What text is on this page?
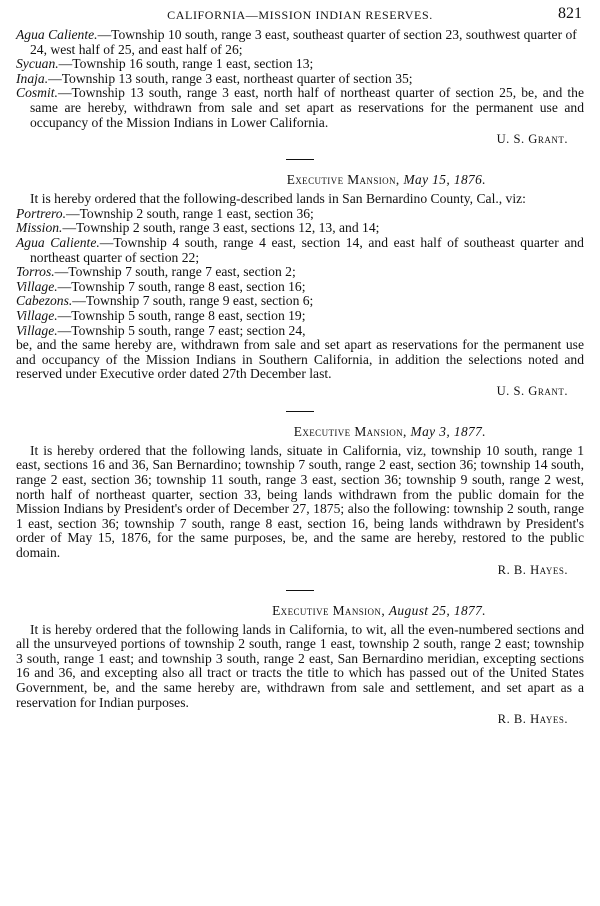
CALIFORNIA—MISSION INDIAN RESERVES.	821

Agua Caliente.—Township 10 south, range 3 east, southeast quarter of section 23, southwest quarter of 24, west half of 25, and east half of 26;

Sycuan.—Township 16 south, range 1 east, section 13;

Inaja.—Township 13 south, range 3 east, northeast quarter of section 35;

Cosmit.—Township 13 south, range 3 east, north half of northeast quarter of section 25, be, and the same are hereby, withdrawn from sale and set apart as reservations for the permanent use and occupancy of the Mission Indians in Lower California.

U. S. Grant.

Executive Mansion, May 15, 1876.

It is hereby ordered that the following-described lands in San Bernardino County, Cal., viz:

Portrero.—Township 2 south, range 1 east, section 36;

Mission.—Township 2 south, range 3 east, sections 12, 13, and 14;

Agua Caliente.—Township 4 south, range 4 east, section 14, and east half of southeast quarter and northeast quarter of section 22;

Torros.—Township 7 south, range 7 east, section 2;

Village.—Township 7 south, range 8 east, section 16;

Cabezons.—Township 7 south, range 9 east, section 6;

Village.—Township 5 south, range 8 east, section 19;

Village.—Township 5 south, range 7 east; section 24,

be, and the same hereby are, withdrawn from sale and set apart as reservations for the permanent use and occupancy of the Mission Indians in Southern California, in addition the selections noted and reserved under Executive order dated 27th December last.

U. S. Grant.

Executive Mansion, May 3, 1877.

It is hereby ordered that the following lands, situate in California, viz, township 10 south, range 1 east, sections 16 and 36, San Bernardino; township 7 south, range 2 east, section 36; township 14 south, range 2 east, section 36; township 11 south, range 3 east, section 36; township 9 south, range 2 west, north half of northeast quarter, section 33, being lands withdrawn from the public domain for the Mission Indians by President's order of December 27, 1875; also the following: township 2 south, range 1 east, section 36; township 7 south, range 8 east, section 16, being lands withdrawn by President's order of May 15, 1876, for the same purposes, be, and the same are hereby, restored to the public domain.

R. B. Hayes.

Executive Mansion, August 25, 1877.

It is hereby ordered that the following lands in California, to wit, all the even-numbered sections and all the unsurveyed portions of township 2 south, range 1 east, township 2 south, range 2 east; township 3 south, range 1 east; and township 3 south, range 2 east, San Bernardino meridian, excepting sections 16 and 36, and excepting also all tract or tracts the title to which has passed out of the United States Government, be, and the same hereby are, withdrawn from sale and settlement, and set apart as a reservation for Indian purposes.

R. B. Hayes.
